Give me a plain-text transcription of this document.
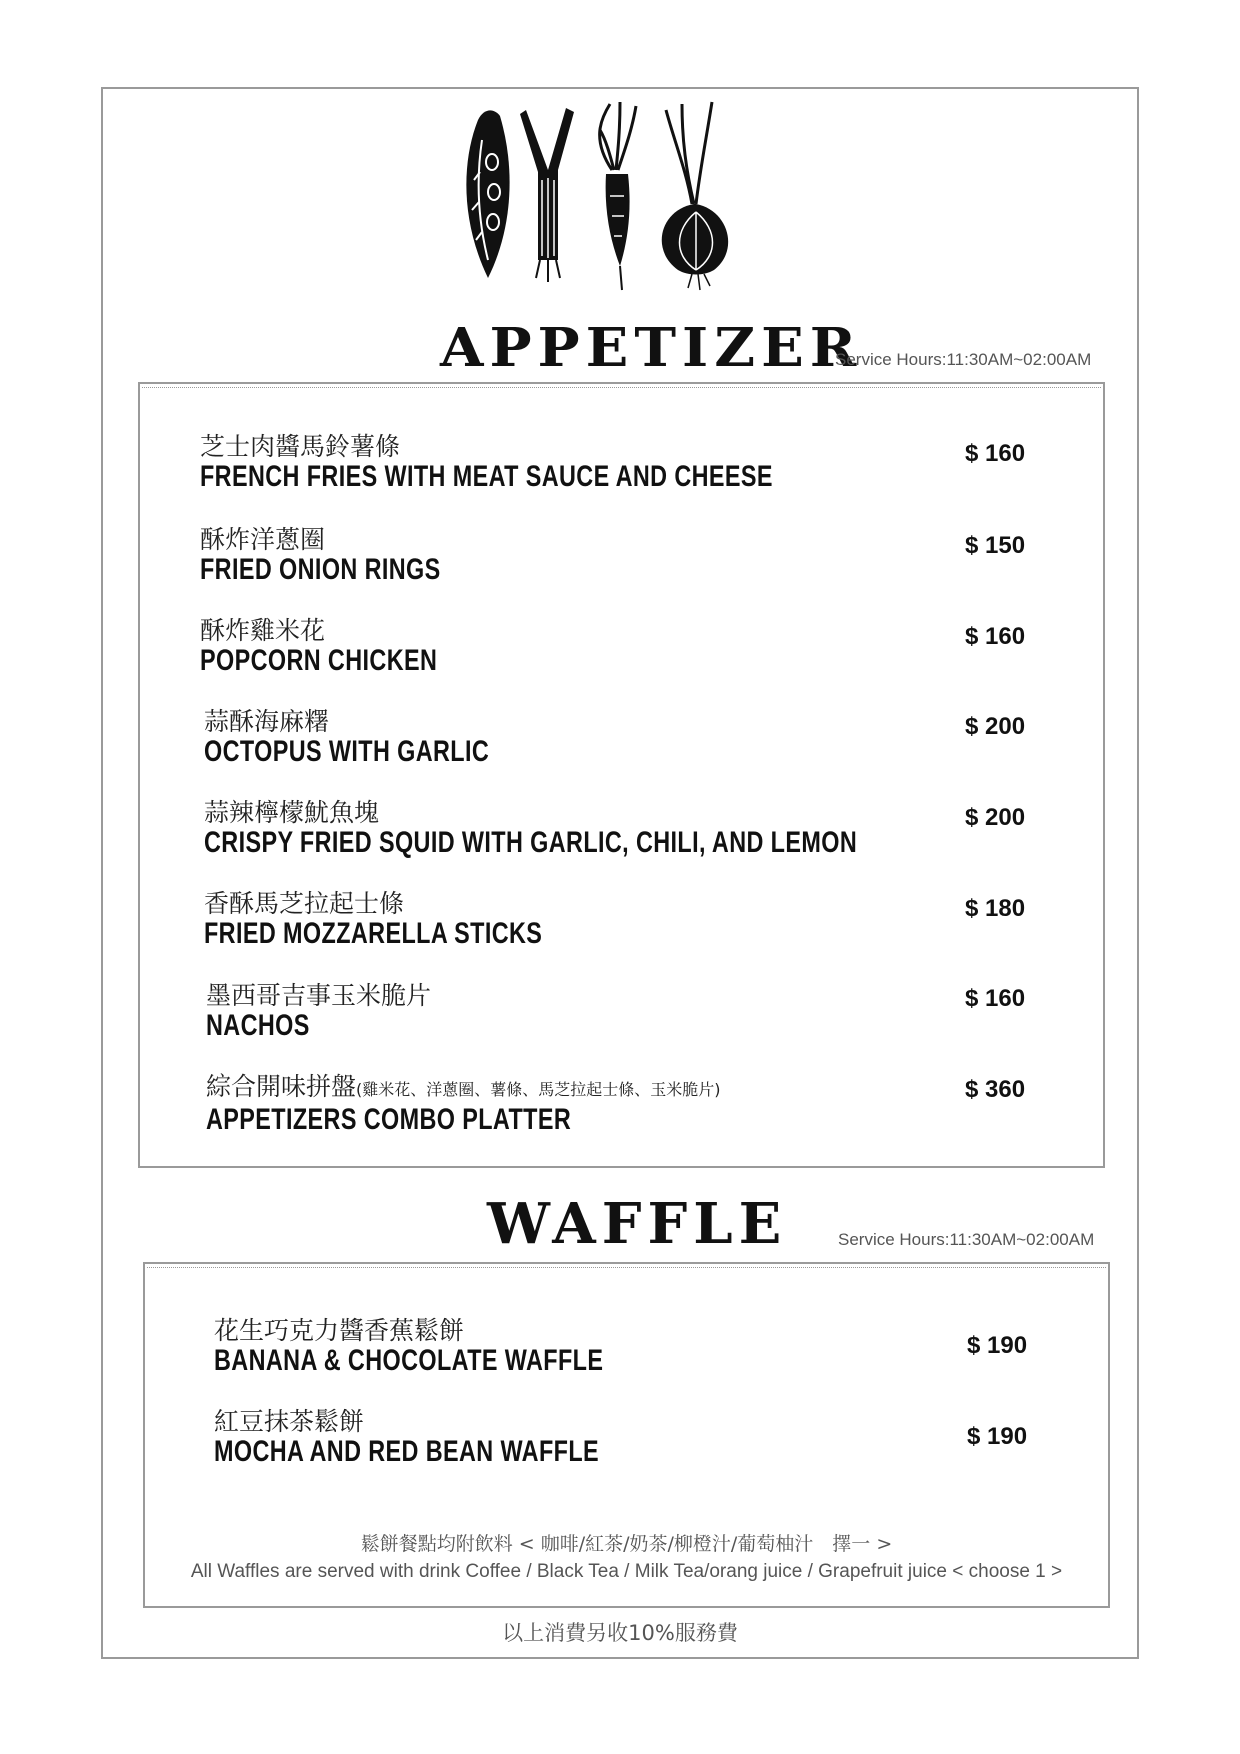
APPETIZER
Service Hours:11:30AM~02:00AM
芝士肉醬馬鈴薯條
FRENCH FRIES WITH MEAT SAUCE AND CHEESE
$ 160
酥炸洋蔥圈
FRIED ONION RINGS
$ 150
酥炸雞米花
POPCORN CHICKEN
$ 160
蒜酥海麻糬
OCTOPUS WITH GARLIC
$ 200
蒜辣檸檬魷魚塊
CRISPY FRIED SQUID WITH GARLIC, CHILI, AND LEMON
$ 200
香酥馬芝拉起士條
FRIED MOZZARELLA STICKS
$ 180
墨西哥吉事玉米脆片
NACHOS
$ 160
綜合開味拼盤(雞米花、洋蔥圈、薯條、馬芝拉起士條、玉米脆片)
APPETIZERS COMBO PLATTER
$ 360
WAFFLE	Service Hours:11:30AM~02:00AM
花生巧克力醬香蕉鬆餅
BANANA & CHOCOLATE WAFFLE	$ 190
紅豆抹茶鬆餅
MOCHA AND RED BEAN WAFFLE	$ 190
鬆餅餐點均附飲料 < 咖啡/紅茶/奶茶/柳橙汁/葡萄柚汁　擇一 >
All Waffles are served with drink Coffee / Black Tea / Milk Tea/orang juice / Grapefruit juice < choose 1 >
以上消費另收10%服務費
